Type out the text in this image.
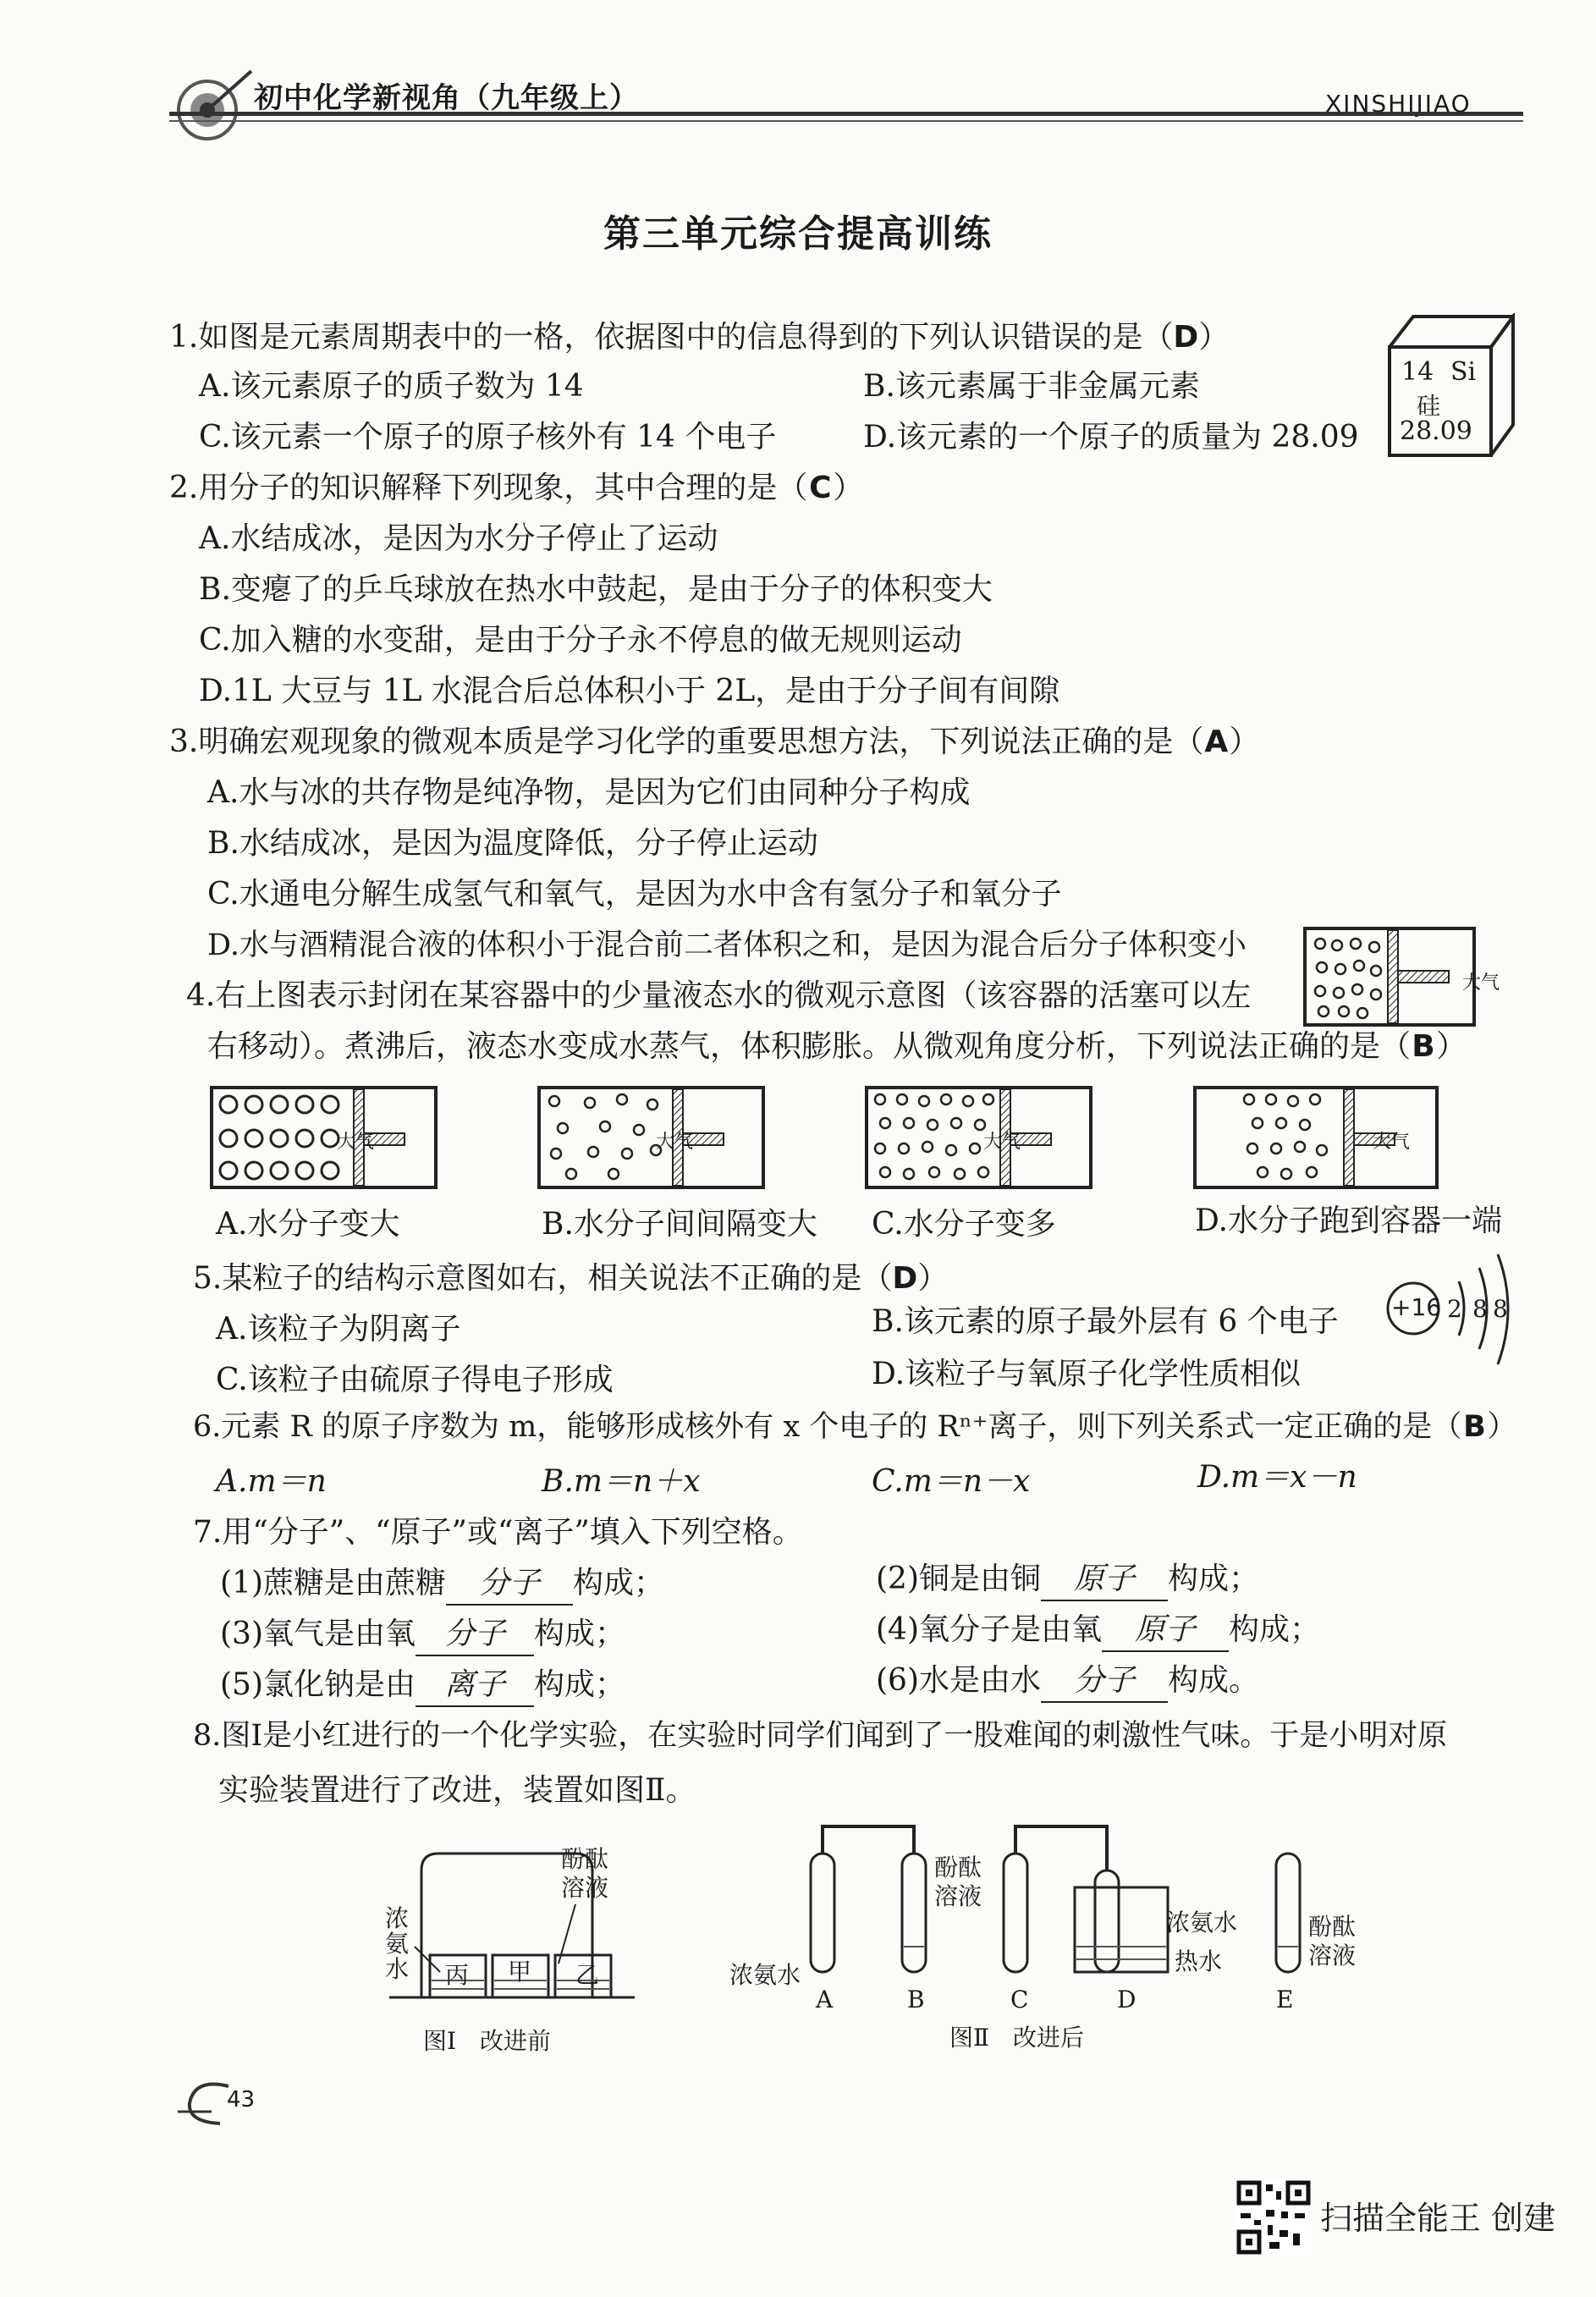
初中化学新视角（九年级上）	XINSHIJIAO
第三单元综合提高训练
1.如图是元素周期表中的一格，依据图中的信息得到的下列认识错误的是（D）
A.该元素原子的质子数为 14	B.该元素属于非金属元素
C.该元素一个原子的原子核外有 14 个电子	D.该元素的一个原子的质量为 28.09
14 Si
硅
28.09
2.用分子的知识解释下列现象，其中合理的是（C）
A.水结成冰，是因为水分子停止了运动
B.变瘪了的乒乓球放在热水中鼓起，是由于分子的体积变大
C.加入糖的水变甜，是由于分子永不停息的做无规则运动
D.1L 大豆与 1L 水混合后总体积小于 2L，是由于分子间有间隙
3.明确宏观现象的微观本质是学习化学的重要思想方法，下列说法正确的是（A）
A.水与冰的共存物是纯净物，是因为它们由同种分子构成
B.水结成冰，是因为温度降低，分子停止运动
C.水通电分解生成氢气和氧气，是因为水中含有氢分子和氧分子
D.水与酒精混合液的体积小于混合前二者体积之和，是因为混合后分子体积变小
大气
4.右上图表示封闭在某容器中的少量液态水的微观示意图（该容器的活塞可以左
右移动）。煮沸后，液态水变成水蒸气，体积膨胀。从微观角度分析，下列说法正确的是（B）
大气	大气	大气	大气
A.水分子变大	B.水分子间间隔变大 C.水分子变多	D.水分子跑到容器一端
5.某粒子的结构示意图如右，相关说法不正确的是（D）
A.该粒子为阴离子	B.该元素的原子最外层有 6 个电子
C.该粒子由硫原子得电子形成	D.该粒子与氧原子化学性质相似
+16 2 8 8
6.元素 R 的原子序数为 m，能够形成核外有 x 个电子的 Rⁿ⁺离子，则下列关系式一定正确的是（B）
A.m＝n	B.m＝n＋x	C.m＝n－x	D.m＝x－n
7.用“分子”、“原子”或“离子”填入下列空格。
(1)蔗糖是由蔗糖 分子 构成；	(2)铜是由铜 原子 构成；
(3)氧气是由氧 分子 构成；	(4)氧分子是由氧 原子 构成；
(5)氯化钠是由 离子 构成；	(6)水是由水 分子 构成。
8.图Ⅰ是小红进行的一个化学实验，在实验时同学们闻到了一股难闻的刺激性气味。于是小明对原
实验装置进行了改进，装置如图Ⅱ。
浓
氨
水
酚酞
溶液
丙 甲 乙
图Ⅰ　改进前
浓氨水
酚酞
溶液
浓氨水
热水
酚酞
溶液
A	B	C	D	E
图Ⅱ　改进后
43
扫描全能王 创建
